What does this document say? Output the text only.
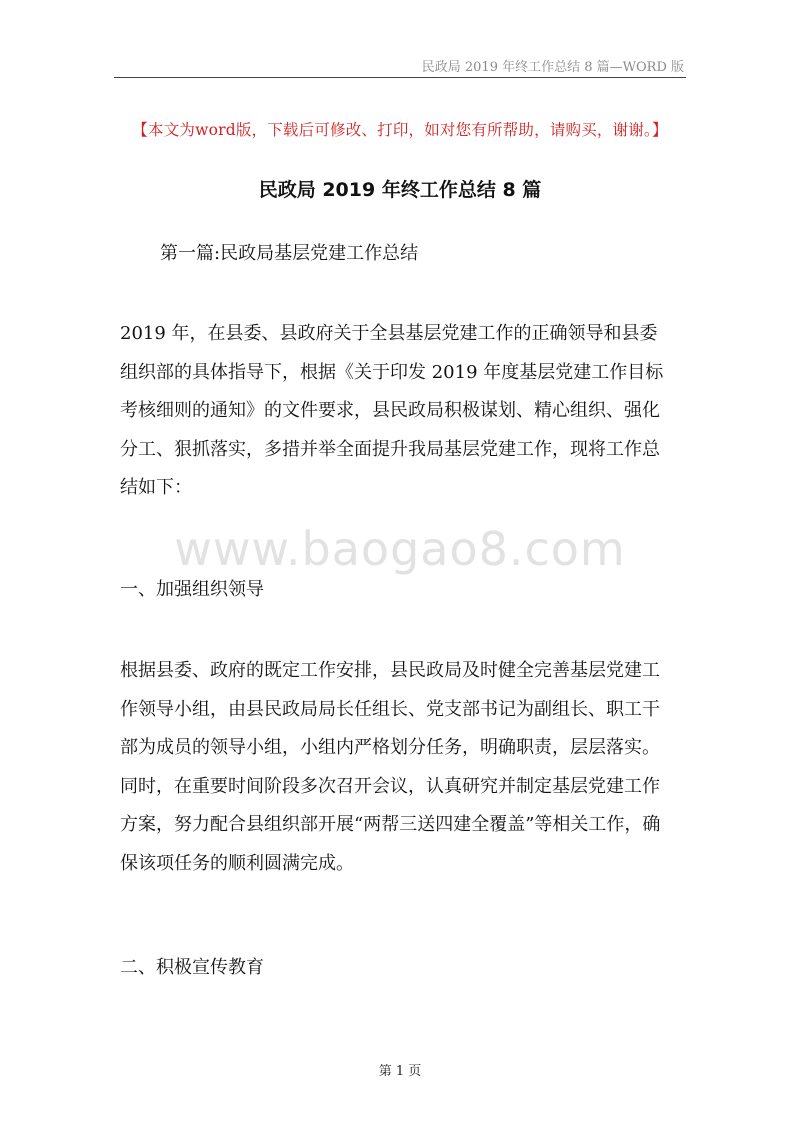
民政局 2019 年终工作总结 8 篇—WORD 版
【本文为word版，下载后可修改、打印，如对您有所帮助，请购买，谢谢。】
民政局 2019 年终工作总结 8 篇
第一篇:民政局基层党建工作总结

2019 年，在县委、县政府关于全县基层党建工作的正确领导和县委
组织部的具体指导下，根据《关于印发 2019 年度基层党建工作目标
考核细则的通知》的文件要求，县民政局积极谋划、精心组织、强化
分工、狠抓落实，多措并举全面提升我局基层党建工作，现将工作总
结如下：

www.baogao8.com
一、加强组织领导

根据县委、政府的既定工作安排，县民政局及时健全完善基层党建工
作领导小组，由县民政局局长任组长、党支部书记为副组长、职工干
部为成员的领导小组，小组内严格划分任务，明确职责，层层落实。
同时，在重要时间阶段多次召开会议，认真研究并制定基层党建工作
方案，努力配合县组织部开展“两帮三送四建全覆盖”等相关工作，确
保该项任务的顺利圆满完成。

二、积极宣传教育
第 1 页
